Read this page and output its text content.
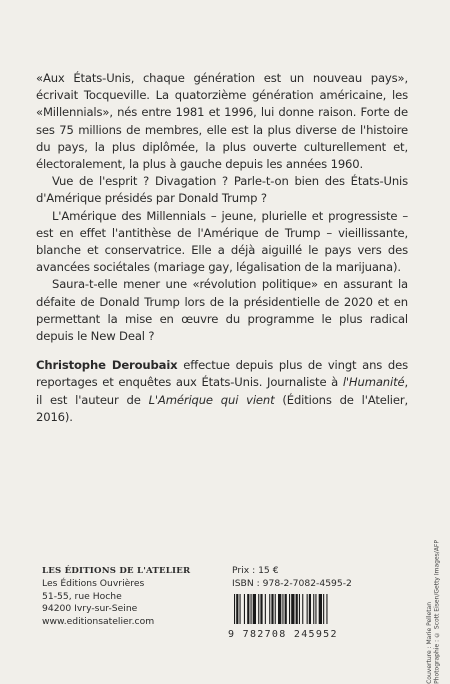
«Aux États-Unis, chaque génération est un nouveau pays», écrivait Tocqueville. La quatorzième génération américaine, les «Millennials», nés entre 1981 et 1996, lui donne raison. Forte de ses 75 millions de membres, elle est la plus diverse de l'histoire du pays, la plus diplômée, la plus ouverte culturellement et, électoralement, la plus à gauche depuis les années 1960.

Vue de l'esprit ? Divagation ? Parle-t-on bien des États-Unis d'Amérique présidés par Donald Trump ?

L'Amérique des Millennials – jeune, plurielle et progressiste – est en effet l'antithèse de l'Amérique de Trump – vieillissante, blanche et conservatrice. Elle a déjà aiguillé le pays vers des avancées sociétales (mariage gay, légalisation de la marijuana).

Saura-t-elle mener une «révolution politique» en assurant la défaite de Donald Trump lors de la présidentielle de 2020 et en permettant la mise en œuvre du programme le plus radical depuis le New Deal ?

Christophe Deroubaix effectue depuis plus de vingt ans des reportages et enquêtes aux États-Unis. Journaliste à l'Humanité, il est l'auteur de L'Amérique qui vient (Éditions de l'Atelier, 2016).

LES ÉDITIONS DE L'ATELIER
Les Éditions Ouvrières
51-55, rue Hoche
94200 Ivry-sur-Seine
www.editionsatelier.com
Prix : 15 €
ISBN : 978-2-7082-4595-2
9 782708 245952	Couverture : Marie Pelletan Photographie : © Scott Eisen/Getty Images/AFP
